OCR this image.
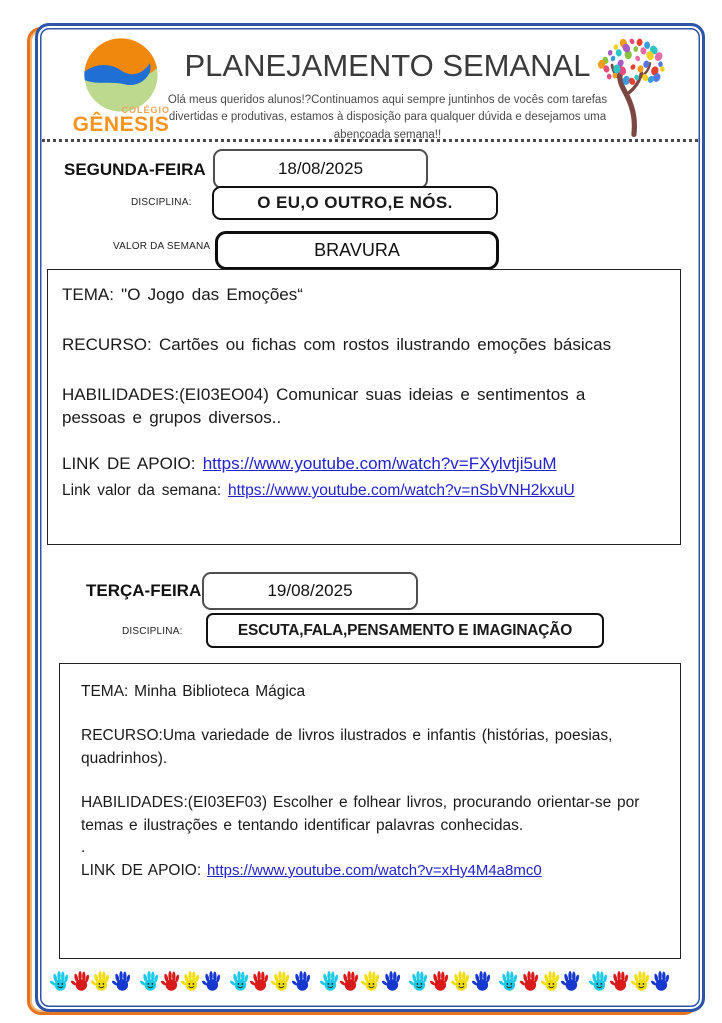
COLÉGIO
GÊNESIS
PLANEJAMENTO SEMANAL

Olá meus queridos alunos!?Continuamos aqui sempre juntinhos de vocês com tarefas
divertidas e produtivas, estamos à disposição para qualquer dúvida e desejamos uma
abençoada semana!!

SEGUNDA-FEIRA	18/08/2025
DISCIPLINA:	O EU,O OUTRO,E NÓS.
VALOR DA SEMANA	BRAVURA

TEMA: "O Jogo das Emoções“

RECURSO: Cartões ou fichas com rostos ilustrando emoções básicas

HABILIDADES:(EI03EO04) Comunicar suas ideias e sentimentos a pessoas e grupos diversos..

LINK DE APOIO: https://www.youtube.com/watch?v=FXylvtji5uM

Link valor da semana: https://www.youtube.com/watch?v=nSbVNH2kxuU

TERÇA-FEIRA	19/08/2025
DISCIPLINA:	ESCUTA,FALA,PENSAMENTO E IMAGINAÇÃO

TEMA: Minha Biblioteca Mágica

RECURSO:Uma variedade de livros ilustrados e infantis (histórias, poesias, quadrinhos).

HABILIDADES:(EI03EF03) Escolher e folhear livros, procurando orientar-se por temas e ilustrações e tentando identificar palavras conhecidas.

.

LINK DE APOIO: https://www.youtube.com/watch?v=xHy4M4a8mc0
